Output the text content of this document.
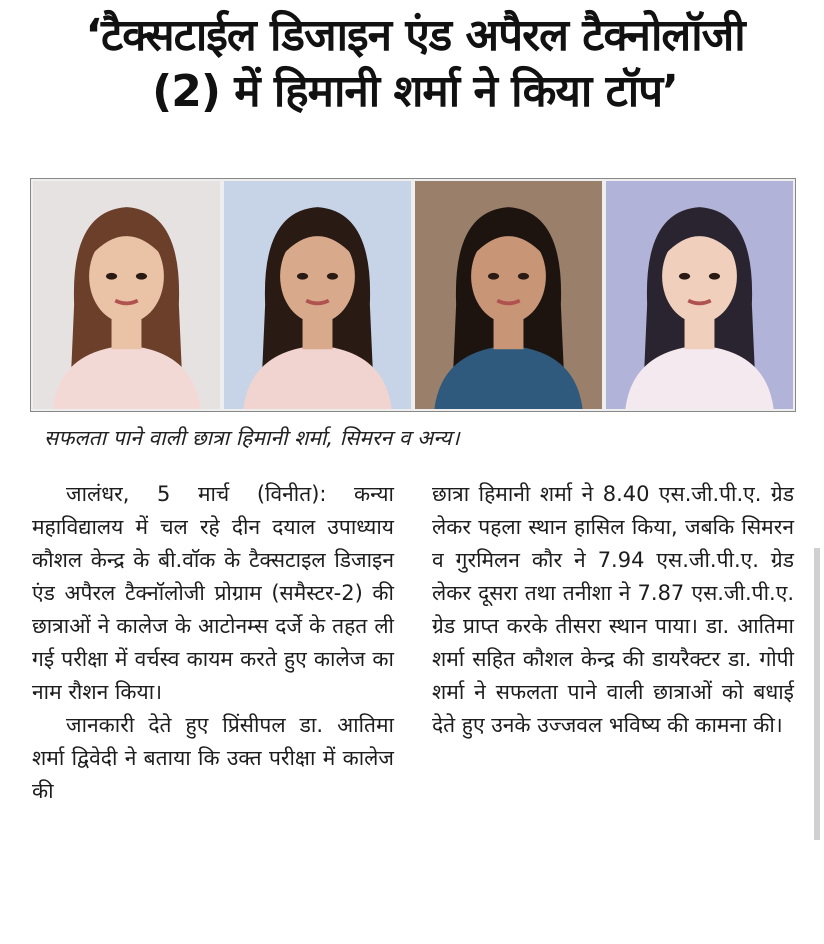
‘टैक्सटाईल डिजाइन एंड अपैरल टैक्नोलॉजी
(2) में हिमानी शर्मा ने किया टॉप’
सफलता पाने वाली छात्रा हिमानी शर्मा, सिमरन व अन्य।

जालंधर, 5 मार्च (विनीत): कन्या महाविद्यालय में चल रहे दीन दयाल उपाध्याय कौशल केन्द्र के बी.वॉक के टैक्सटाइल डिजाइन एंड अपैरल टैक्नॉलोजी प्रोग्राम (समैस्टर-2) की छात्राओं ने कालेज के आटोनम्स दर्जे के तहत ली गई परीक्षा में वर्चस्व कायम करते हुए कालेज का नाम रौशन किया।

जानकारी देते हुए प्रिंसीपल डा. आतिमा शर्मा द्विवेदी ने बताया कि उक्त परीक्षा में कालेज की

छात्रा हिमानी शर्मा ने 8.40 एस.जी.पी.ए. ग्रेड लेकर पहला स्थान हासिल किया, जबकि सिमरन व गुरमिलन कौर ने 7.94 एस.जी.पी.ए. ग्रेड लेकर दूसरा तथा तनीशा ने 7.87 एस.जी.पी.ए. ग्रेड प्राप्त करके तीसरा स्थान पाया। डा. आतिमा शर्मा सहित कौशल केन्द्र की डायरैक्टर डा. गोपी शर्मा ने सफलता पाने वाली छात्राओं को बधाई देते हुए उनके उज्जवल भविष्य की कामना की।
